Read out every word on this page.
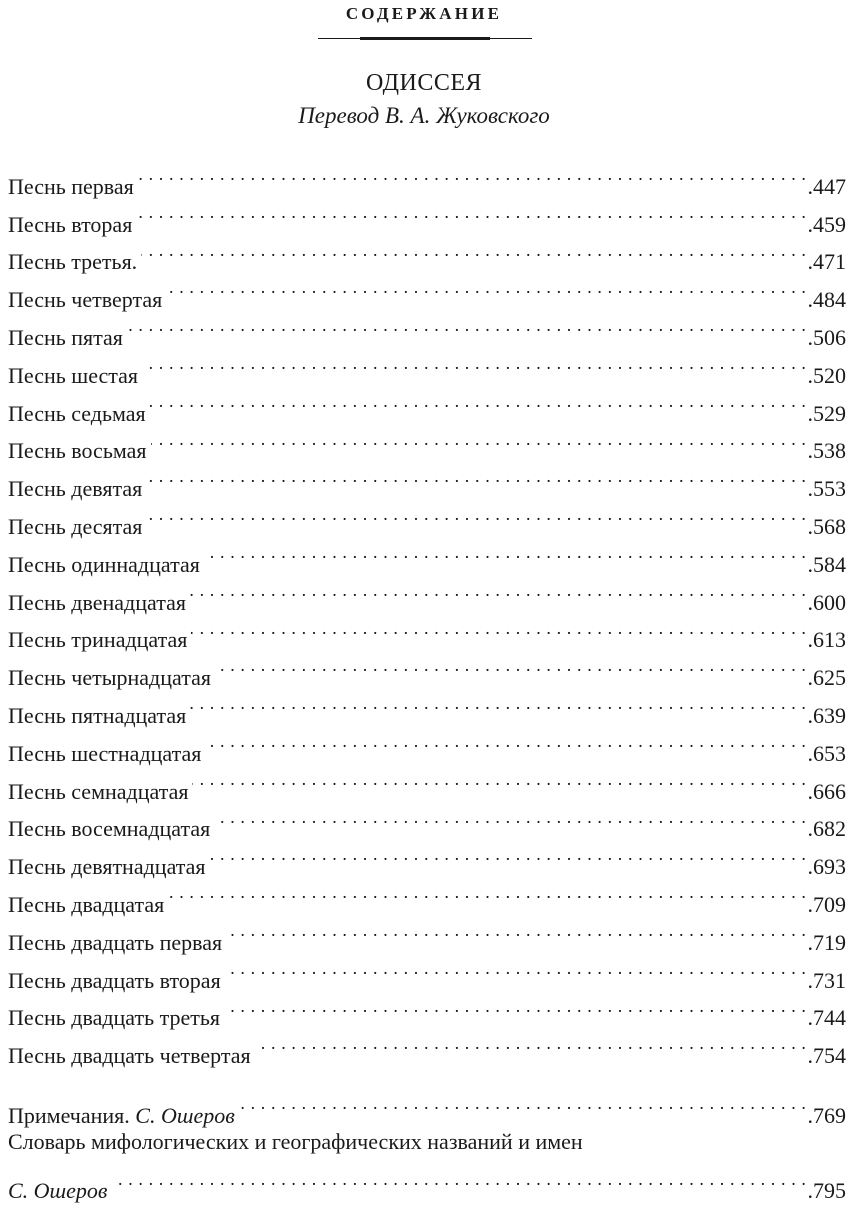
СОДЕРЖАНИЕ
ОДИССЕЯ
Перевод В. А. Жуковского
Песнь первая . . .	.447
Песнь вторая . . .	.459
Песнь третья. . . .	.471
Песнь четвертая . . .	.484
Песнь пятая . . .	.506
Песнь шестая . . .	.520
Песнь седьмая . . .	.529
Песнь восьмая . . .	.538
Песнь девятая . . .	.553
Песнь десятая . . .	.568
Песнь одиннадцатая . . .	.584
Песнь двенадцатая . . .	.600
Песнь тринадцатая . . .	.613
Песнь четырнадцатая . . .	.625
Песнь пятнадцатая . . .	.639
Песнь шестнадцатая . . .	.653
Песнь семнадцатая . . .	.666
Песнь восемнадцатая . . .	.682
Песнь девятнадцатая . . .	.693
Песнь двадцатая . . .	.709
Песнь двадцать первая . . .	.719
Песнь двадцать вторая . . .	.731
Песнь двадцать третья . . .	.744
Песнь двадцать четвертая . . .	.754
Примечания. С. Ошеров . . .	.769
Словарь мифологических и географических названий и имен
С. Ошеров . . .	.795
